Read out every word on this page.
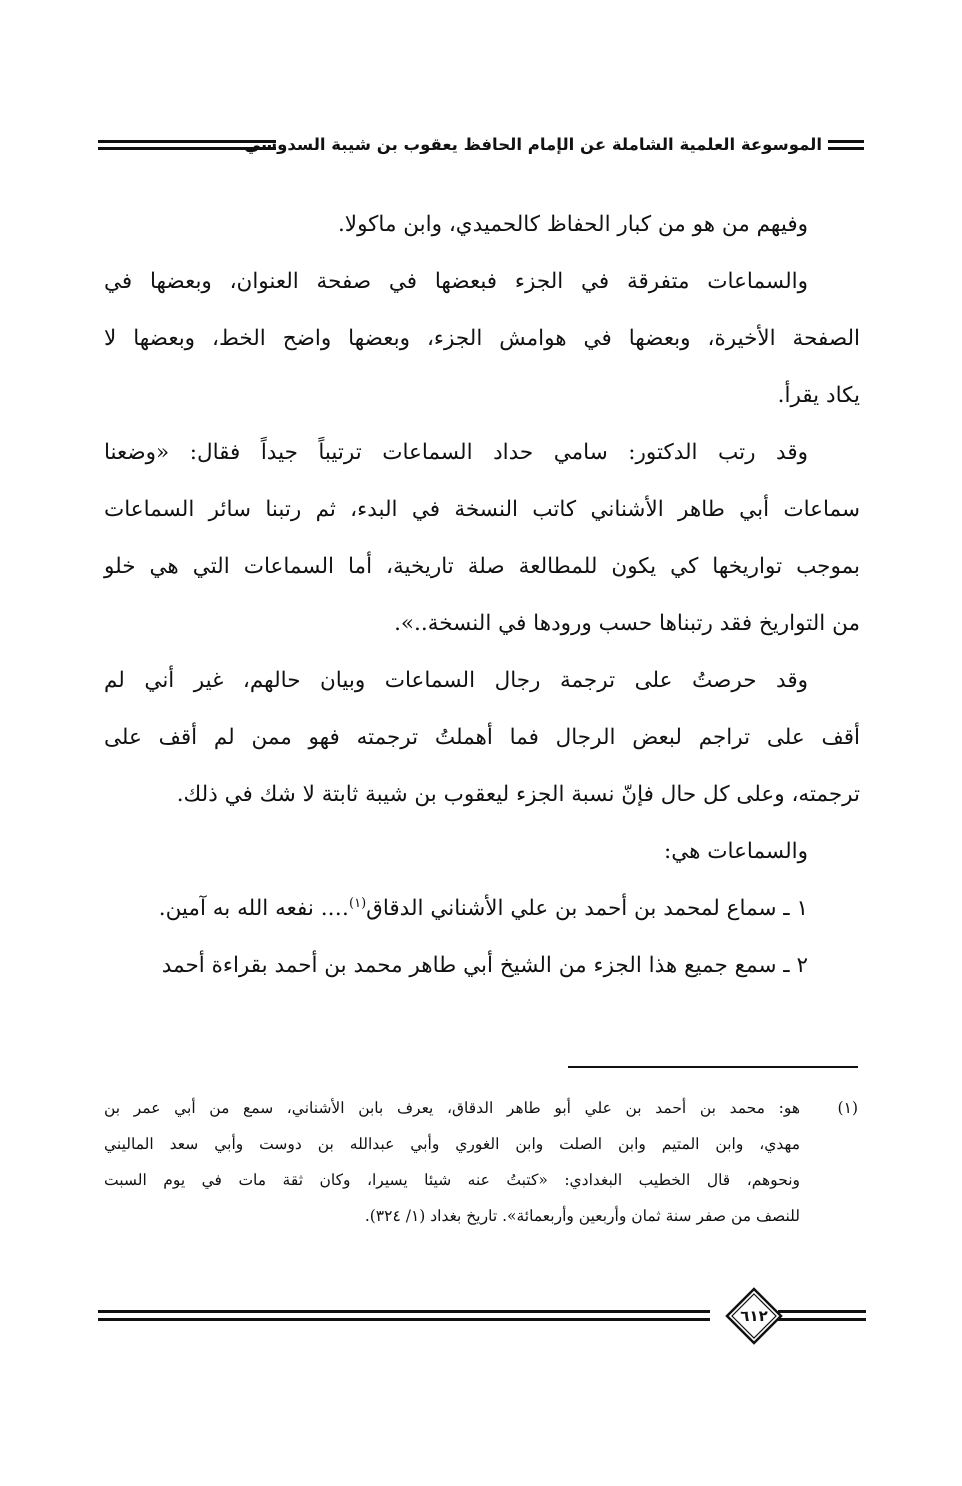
الموسوعة العلمية الشاملة عن الإمام الحافظ يعقوب بن شيبة السدوسي

وفيهم من هو من كبار الحفاظ كالحميدي، وابن ماكولا.

والسماعات متفرقة في الجزء فبعضها في صفحة العنوان، وبعضها في
الصفحة الأخيرة، وبعضها في هوامش الجزء، وبعضها واضح الخط، وبعضها لا
يكاد يقرأ.

وقد رتب الدكتور: سامي حداد السماعات ترتيباً جيداً فقال: «وضعنا
سماعات أبي طاهر الأشناني كاتب النسخة في البدء، ثم رتبنا سائر السماعات
بموجب تواريخها كي يكون للمطالعة صلة تاريخية، أما السماعات التي هي خلو
من التواريخ فقد رتبناها حسب ورودها في النسخة..».

وقد حرصتُ على ترجمة رجال السماعات وبيان حالهم، غير أني لم
أقف على تراجم لبعض الرجال فما أهملتُ ترجمته فهو ممن لم أقف على
ترجمته، وعلى كل حال فإنّ نسبة الجزء ليعقوب بن شيبة ثابتة لا شك في ذلك.

والسماعات هي:

١ ـ سماع لمحمد بن أحمد بن علي الأشناني الدقاق$^{(١)}$…. نفعه الله به آمين.

٢ ـ سمع جميع هذا الجزء من الشيخ أبي طاهر محمد بن أحمد بقراءة أحمد

(١)
هو: محمد بن أحمد بن علي أبو طاهر الدقاق، يعرف بابن الأشناني، سمع من أبي عمر بن
مهدي، وابن المتيم وابن الصلت وابن الغوري وأبي عبدالله بن دوست وأبي سعد الماليني
ونحوهم، قال الخطيب البغدادي: «كتبتُ عنه شيئا يسيرا، وكان ثقة مات في يوم السبت
للنصف من صفر سنة ثمان وأربعين وأربعمائة». تاريخ بغداد (١/ ٣٢٤).
٦١٢
